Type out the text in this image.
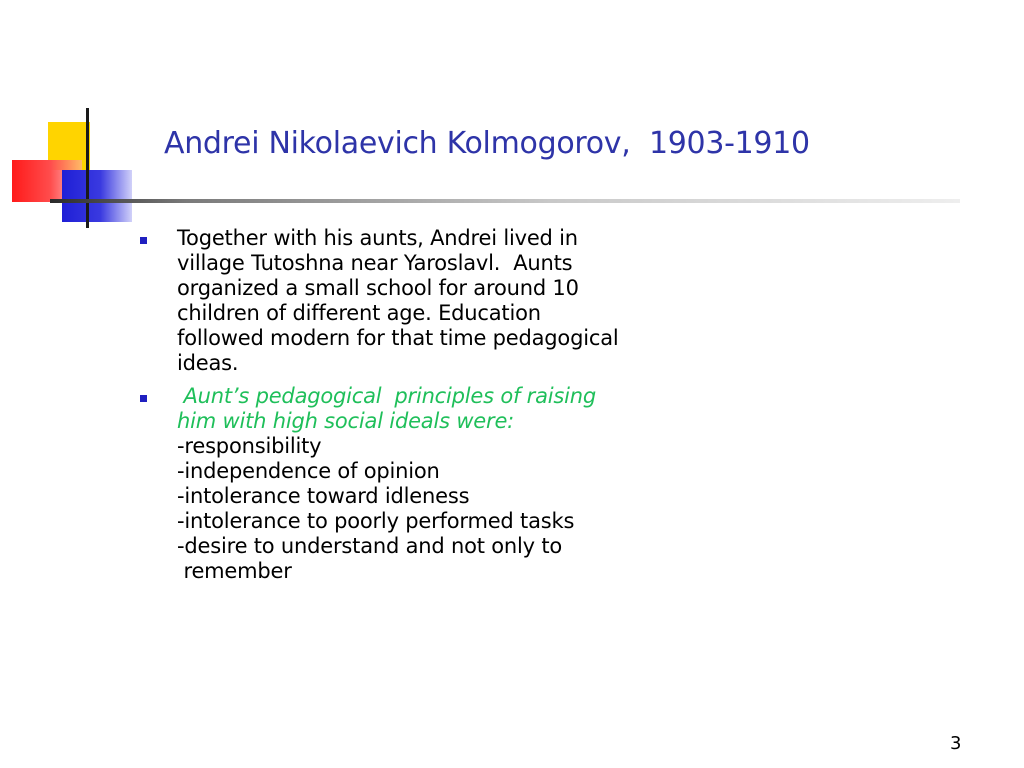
Andrei Nikolaevich Kolmogorov,  1903-1910
Together with his aunts, Andrei lived in
village Tutoshna near Yaroslavl.  Aunts
organized a small school for around 10
children of different age. Education
followed modern for that time pedagogical
ideas.
Aunt’s pedagogical  principles of raising
him with high social ideals were:
-responsibility
-independence of opinion
-intolerance toward idleness
-intolerance to poorly performed tasks
-desire to understand and not only to
remember
3
